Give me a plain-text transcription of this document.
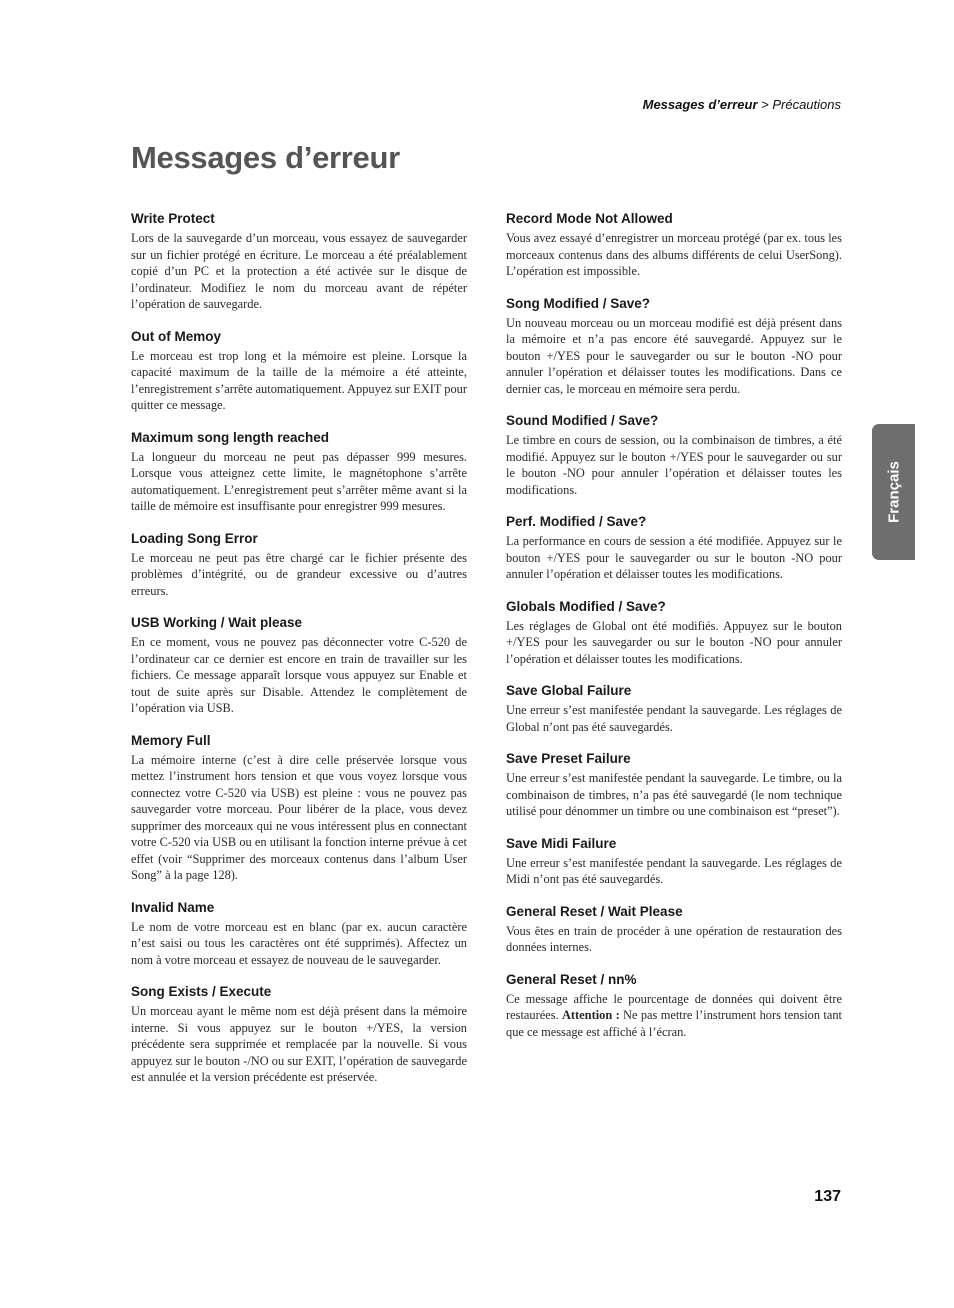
Messages d’erreur > Précautions
Messages d’erreur
Write Protect

Lors de la sauvegarde d’un morceau, vous essayez de sauvegarder sur un fichier protégé en écriture. Le morceau a été préalablement copié d’un PC et la protection a été activée sur le disque de l’ordinateur. Modifiez le nom du morceau avant de répéter l’opération de sauvegarde.

Out of Memoy

Le morceau est trop long et la mémoire est pleine. Lorsque la capacité maximum de la taille de la mémoire a été atteinte, l’enregistrement s’arrête automatiquement. Appuyez sur EXIT pour quitter ce message.

Maximum song length reached

La longueur du morceau ne peut pas dépasser 999 mesures. Lorsque vous atteignez cette limite, le magnétophone s’arrête automatiquement. L’enregistrement peut s’arrêter même avant si la taille de mémoire est insuffisante pour enregistrer 999 mesures.

Loading Song Error

Le morceau ne peut pas être chargé car le fichier présente des problèmes d’intégrité, ou de grandeur excessive ou d’autres erreurs.

USB Working / Wait please

En ce moment, vous ne pouvez pas déconnecter votre C-520 de l’ordinateur car ce dernier est encore en train de travailler sur les fichiers. Ce message apparaît lorsque vous appuyez sur Enable et tout de suite après sur Disable. Attendez le complètement de l’opération via USB.

Memory Full

La mémoire interne (c’est à dire celle préservée lorsque vous mettez l’instrument hors tension et que vous voyez lorsque vous connectez votre C-520 via USB) est pleine : vous ne pouvez pas sauvegarder votre morceau. Pour libérer de la place, vous devez supprimer des morceaux qui ne vous intéressent plus en connectant votre C-520 via USB ou en utilisant la fonction interne prévue à cet effet (voir “Supprimer des morceaux contenus dans l’album User Song” à la page 128).

Invalid Name

Le nom de votre morceau est en blanc (par ex. aucun caractère n’est saisi ou tous les caractères ont été supprimés). Affectez un nom à votre morceau et essayez de nouveau de le sauvegarder.

Song Exists / Execute

Un morceau ayant le même nom est déjà présent dans la mémoire interne. Si vous appuyez sur le bouton +/YES, la version précédente sera supprimée et remplacée par la nouvelle. Si vous appuyez sur le bouton -/NO ou sur EXIT, l’opération de sauvegarde est annulée et la version précédente est préservée.

Record Mode Not Allowed

Vous avez essayé d’enregistrer un morceau protégé (par ex. tous les morceaux contenus dans des albums différents de celui UserSong). L’opération est impossible.

Song Modified / Save?

Un nouveau morceau ou un morceau modifié est déjà présent dans la mémoire et n’a pas encore été sauvegardé. Appuyez sur le bouton +/YES pour le sauvegarder ou sur le bouton -NO pour annuler l’opération et délaisser toutes les modifications. Dans ce dernier cas, le morceau en mémoire sera perdu.

Sound Modified / Save?

Le timbre en cours de session, ou la combinaison de timbres, a été modifié. Appuyez sur le bouton +/YES pour le sauvegarder ou sur le bouton -NO pour annuler l’opération et délaisser toutes les modifications.

Perf. Modified / Save?

La performance en cours de session a été modifiée. Appuyez sur le bouton +/YES pour le sauvegarder ou sur le bouton -NO pour annuler l’opération et délaisser toutes les modifications.

Globals Modified / Save?

Les réglages de Global ont été modifiés. Appuyez sur le bouton +/YES pour les sauvegarder ou sur le bouton -NO pour annuler l’opération et délaisser toutes les modifications.

Save Global Failure

Une erreur s’est manifestée pendant la sauvegarde. Les réglages de Global n’ont pas été sauvegardés.

Save Preset Failure

Une erreur s’est manifestée pendant la sauvegarde. Le timbre, ou la combinaison de timbres, n’a pas été sauvegardé (le nom technique utilisé pour dénommer un timbre ou une combinaison est “preset”).

Save Midi Failure

Une erreur s’est manifestée pendant la sauvegarde. Les réglages de Midi n’ont pas été sauvegardés.

General Reset / Wait Please

Vous êtes en train de procéder à une opération de restauration des données internes.

General Reset / nn%

Ce message affiche le pourcentage de données qui doivent être restaurées. Attention : Ne pas mettre l’instrument hors tension tant que ce message est affiché à l’écran.

Français
137
